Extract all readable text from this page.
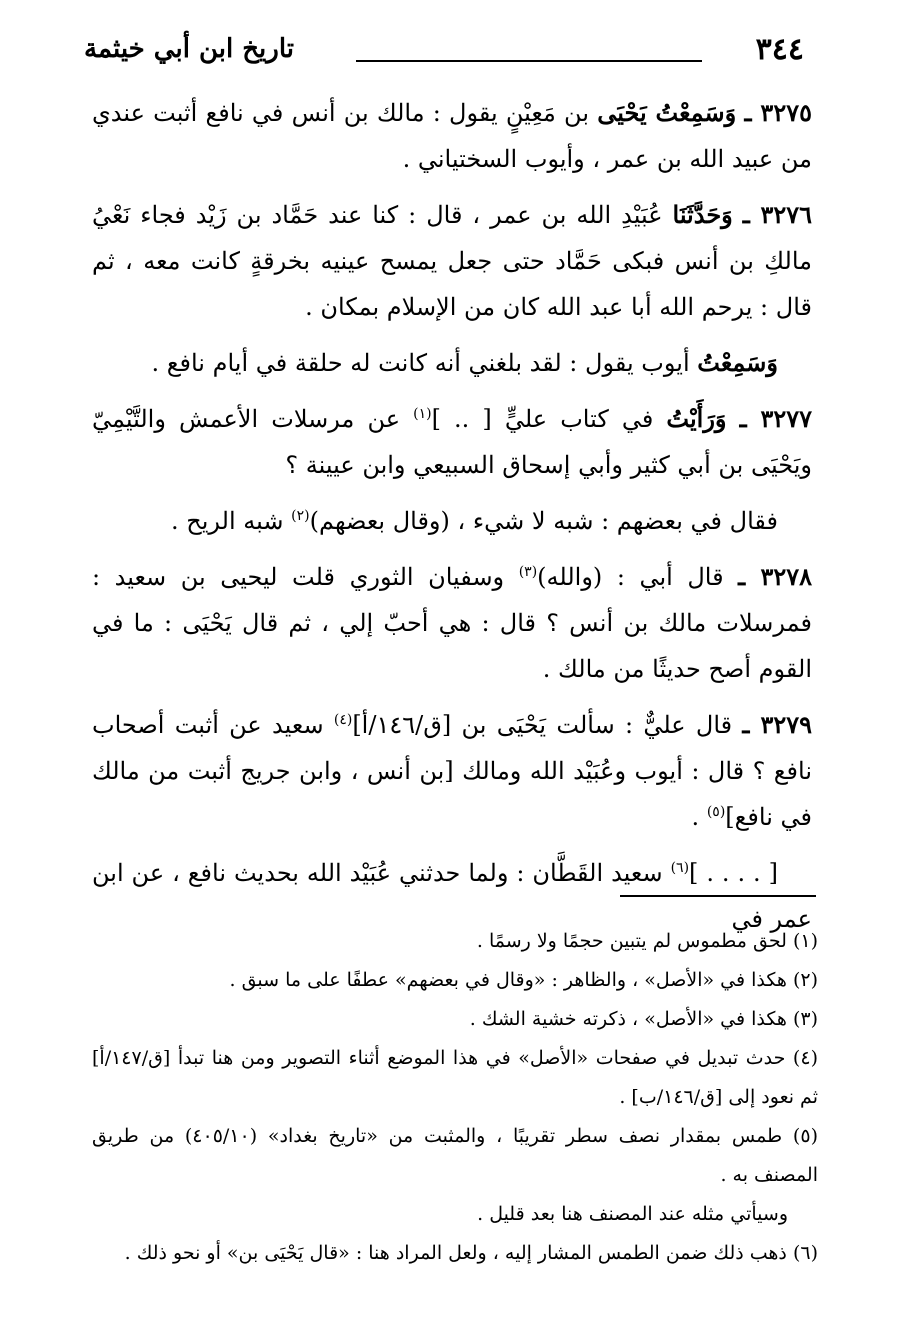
٣٤٤
تاريخ ابن أبي خيثمة

٣٢٧٥ ـ وَسَمِعْتُ يَحْيَى بن مَعِيْنٍ يقول : مالك بن أنس في نافع أثبت عندي من عبيد الله بن عمر ، وأيوب السختياني .

٣٢٧٦ ـ وَحَدَّثَنَا عُبَيْدِ الله بن عمر ، قال : كنا عند حَمَّاد بن زَيْد فجاء نَعْيُ مالكِ بن أنس فبكى حَمَّاد حتى جعل يمسح عينيه بخرقةٍ كانت معه ، ثم قال : يرحم الله أبا عبد الله كان من الإسلام بمكان .

وَسَمِعْتُ أيوب يقول : لقد بلغني أنه كانت له حلقة في أيام نافع .

٣٢٧٧ ـ وَرَأَيْتُ في كتاب عليٍّ [ .. ]$^{(١)}$ عن مرسلات الأعمش والتَّيْمِيّ ويَحْيَى بن أبي كثير وأبي إسحاق السبيعي وابن عيينة ؟

فقال في بعضهم : شبه لا شيء ، (وقال بعضهم)$^{(٢)}$ شبه الريح .

٣٢٧٨ ـ قال أبي : (والله)$^{(٣)}$ وسفيان الثوري قلت ليحيى بن سعيد : فمرسلات مالك بن أنس ؟ قال : هي أحبّ إلي ، ثم قال يَحْيَى : ما في القوم أصح حديثًا من مالك .

٣٢٧٩ ـ قال عليٌّ : سألت يَحْيَى بن [ق/١٤٦/أ]$^{(٤)}$ سعيد عن أثبت أصحاب نافع ؟ قال : أيوب وعُبَيْد الله ومالك [بن أنس ، وابن جريج أثبت من مالك في نافع]$^{(٥)}$ .

[ . . . . ]$^{(٦)}$ سعيد القَطَّان : ولما حدثني عُبَيْد الله بحديث نافع ، عن ابن عمر في

(١) لحق مطموس لم يتبين حجمًا ولا رسمًا .

(٢) هكذا في «الأصل» ، والظاهر : «وقال في بعضهم» عطفًا على ما سبق .

(٣) هكذا في «الأصل» ، ذكرته خشية الشك .

(٤) حدث تبديل في صفحات «الأصل» في هذا الموضع أثناء التصوير ومن هنا تبدأ [ق/١٤٧/أ] ثم نعود إلى [ق/١٤٦/ب] .

(٥) طمس بمقدار نصف سطر تقريبًا ، والمثبت من «تاريخ بغداد» (٤٠٥/١٠) من طريق المصنف به .

وسيأتي مثله عند المصنف هنا بعد قليل .

(٦) ذهب ذلك ضمن الطمس المشار إليه ، ولعل المراد هنا : «قال يَحْيَى بن» أو نحو ذلك .
